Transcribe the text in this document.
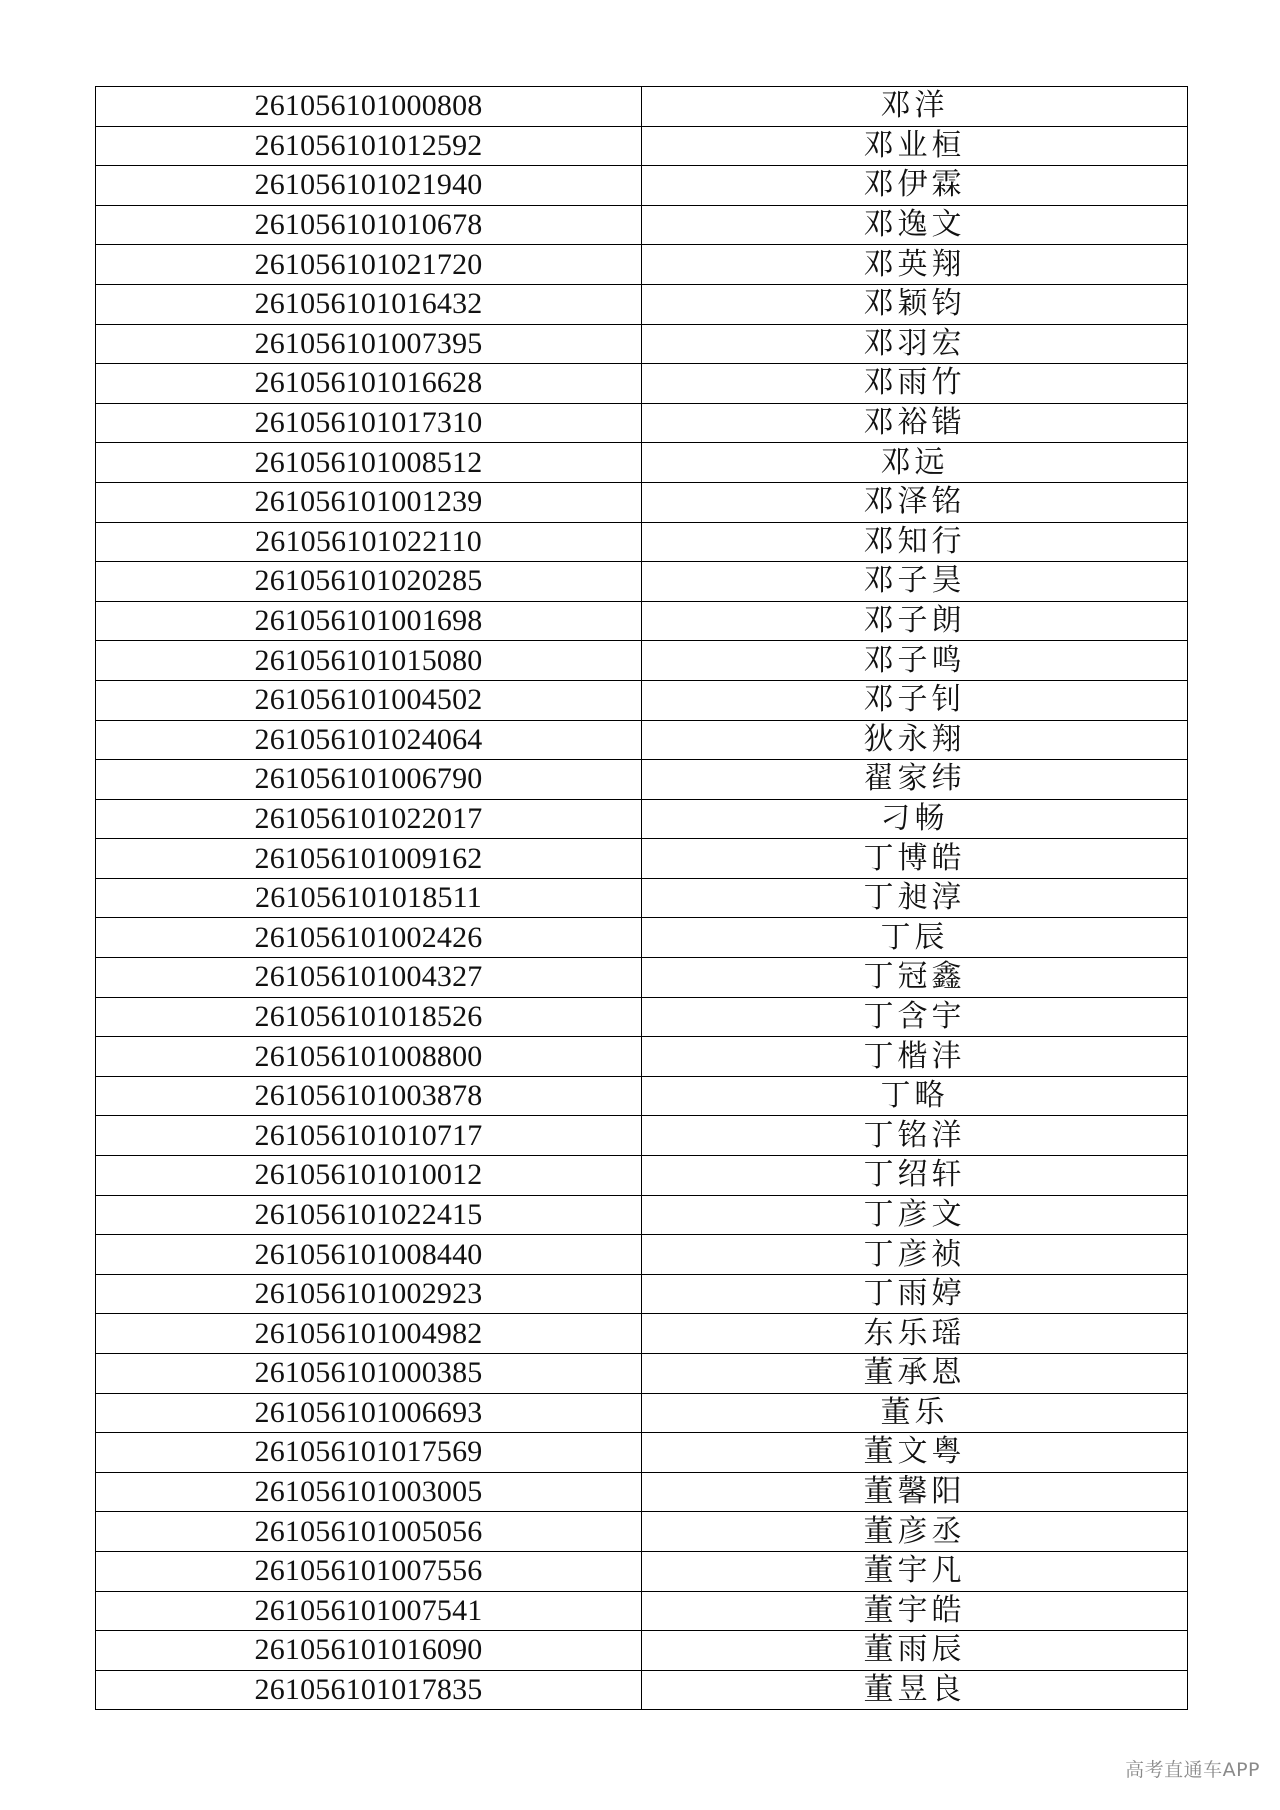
261056101000808	邓洋
261056101012592	邓业桓
261056101021940	邓伊霖
261056101010678	邓逸文
261056101021720	邓英翔
261056101016432	邓颖钧
261056101007395	邓羽宏
261056101016628	邓雨竹
261056101017310	邓裕锴
261056101008512	邓远
261056101001239	邓泽铭
261056101022110	邓知行
261056101020285	邓子昊
261056101001698	邓子朗
261056101015080	邓子鸣
261056101004502	邓子钊
261056101024064	狄永翔
261056101006790	翟家纬
261056101022017	刁畅
261056101009162	丁博皓
261056101018511	丁昶淳
261056101002426	丁辰
261056101004327	丁冠鑫
261056101018526	丁含宇
261056101008800	丁楷沣
261056101003878	丁略
261056101010717	丁铭洋
261056101010012	丁绍轩
261056101022415	丁彦文
261056101008440	丁彦祯
261056101002923	丁雨婷
261056101004982	东乐瑶
261056101000385	董承恩
261056101006693	董乐
261056101017569	董文粤
261056101003005	董馨阳
261056101005056	董彦丞
261056101007556	董宇凡
261056101007541	董宇皓
261056101016090	董雨辰
261056101017835	董昱良
高考直通车APP
